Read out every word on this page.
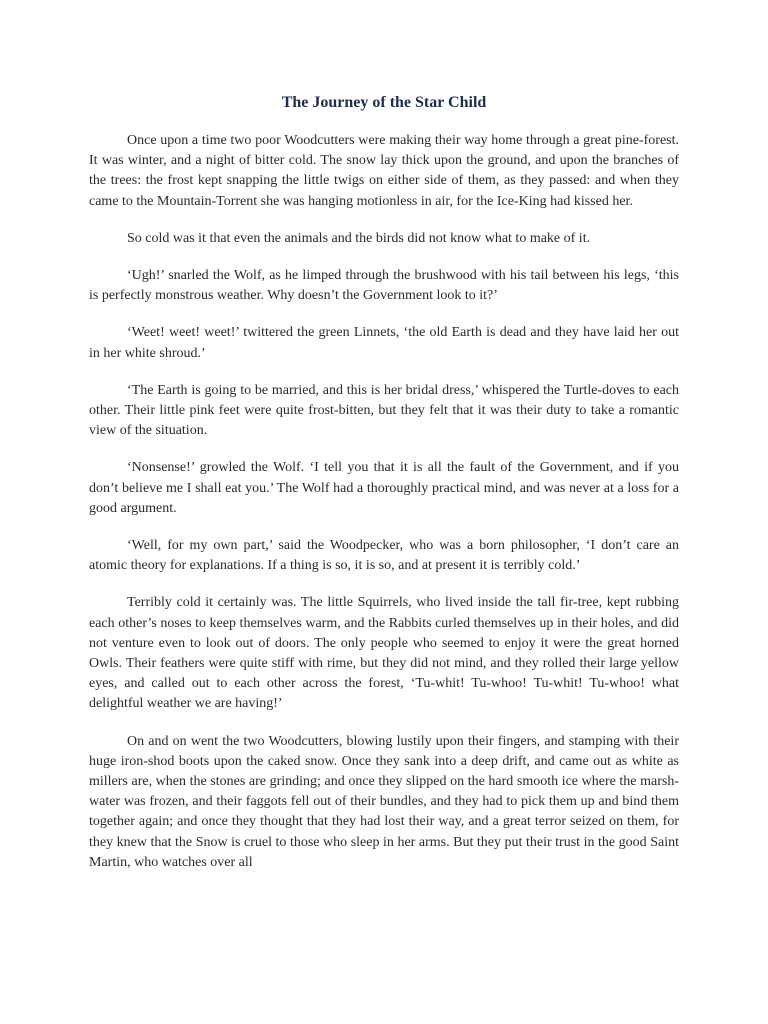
The Journey of the Star Child

Once upon a time two poor Woodcutters were making their way home through a great pine-forest. It was winter, and a night of bitter cold. The snow lay thick upon the ground, and upon the branches of the trees: the frost kept snapping the little twigs on either side of them, as they passed: and when they came to the Mountain-Torrent she was hanging motionless in air, for the Ice-King had kissed her.

So cold was it that even the animals and the birds did not know what to make of it.

‘Ugh!’ snarled the Wolf, as he limped through the brushwood with his tail between his legs, ‘this is perfectly monstrous weather. Why doesn’t the Government look to it?’

‘Weet! weet! weet!’ twittered the green Linnets, ‘the old Earth is dead and they have laid her out in her white shroud.’

‘The Earth is going to be married, and this is her bridal dress,’ whispered the Turtle-doves to each other. Their little pink feet were quite frost-bitten, but they felt that it was their duty to take a romantic view of the situation.

‘Nonsense!’ growled the Wolf. ‘I tell you that it is all the fault of the Government, and if you don’t believe me I shall eat you.’ The Wolf had a thoroughly practical mind, and was never at a loss for a good argument.

‘Well, for my own part,’ said the Woodpecker, who was a born philosopher, ‘I don’t care an atomic theory for explanations. If a thing is so, it is so, and at present it is terribly cold.’

Terribly cold it certainly was. The little Squirrels, who lived inside the tall fir-tree, kept rubbing each other’s noses to keep themselves warm, and the Rabbits curled themselves up in their holes, and did not venture even to look out of doors. The only people who seemed to enjoy it were the great horned Owls. Their feathers were quite stiff with rime, but they did not mind, and they rolled their large yellow eyes, and called out to each other across the forest, ‘Tu-whit! Tu-whoo! Tu-whit! Tu-whoo! what delightful weather we are having!’

On and on went the two Woodcutters, blowing lustily upon their fingers, and stamping with their huge iron-shod boots upon the caked snow. Once they sank into a deep drift, and came out as white as millers are, when the stones are grinding; and once they slipped on the hard smooth ice where the marsh-water was frozen, and their faggots fell out of their bundles, and they had to pick them up and bind them together again; and once they thought that they had lost their way, and a great terror seized on them, for they knew that the Snow is cruel to those who sleep in her arms. But they put their trust in the good Saint Martin, who watches over all
